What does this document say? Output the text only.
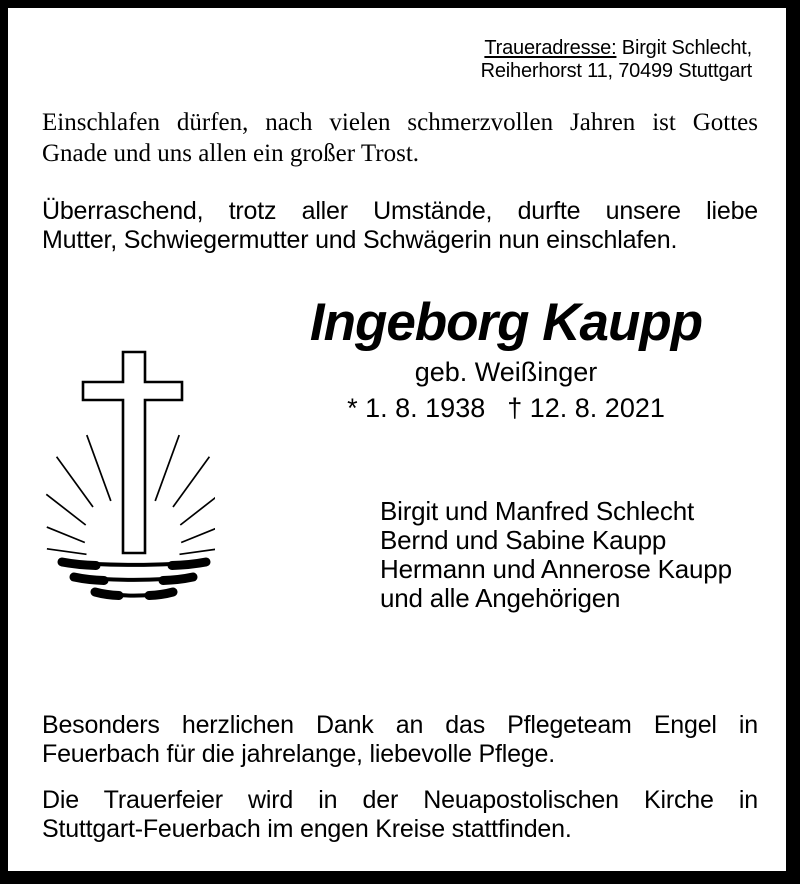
Traueradresse: Birgit Schlecht,
Reiherhorst 11, 70499 Stuttgart
Einschlafen dürfen, nach vielen schmerzvollen Jahren ist Gottes
Gnade und uns allen ein großer Trost.
Überraschend, trotz aller Umstände, durfte unsere liebe
Mutter, Schwiegermutter und Schwägerin nun einschlafen.
Ingeborg Kaupp
geb. Weißinger
* 1. 8. 1938 † 12. 8. 2021
Birgit und Manfred Schlecht
Bernd und Sabine Kaupp
Hermann und Annerose Kaupp
und alle Angehörigen
Besonders herzlichen Dank an das Pflegeteam Engel in
Feuerbach für die jahrelange, liebevolle Pflege.
Die Trauerfeier wird in der Neuapostolischen Kirche in
Stuttgart-Feuerbach im engen Kreise stattfinden.
